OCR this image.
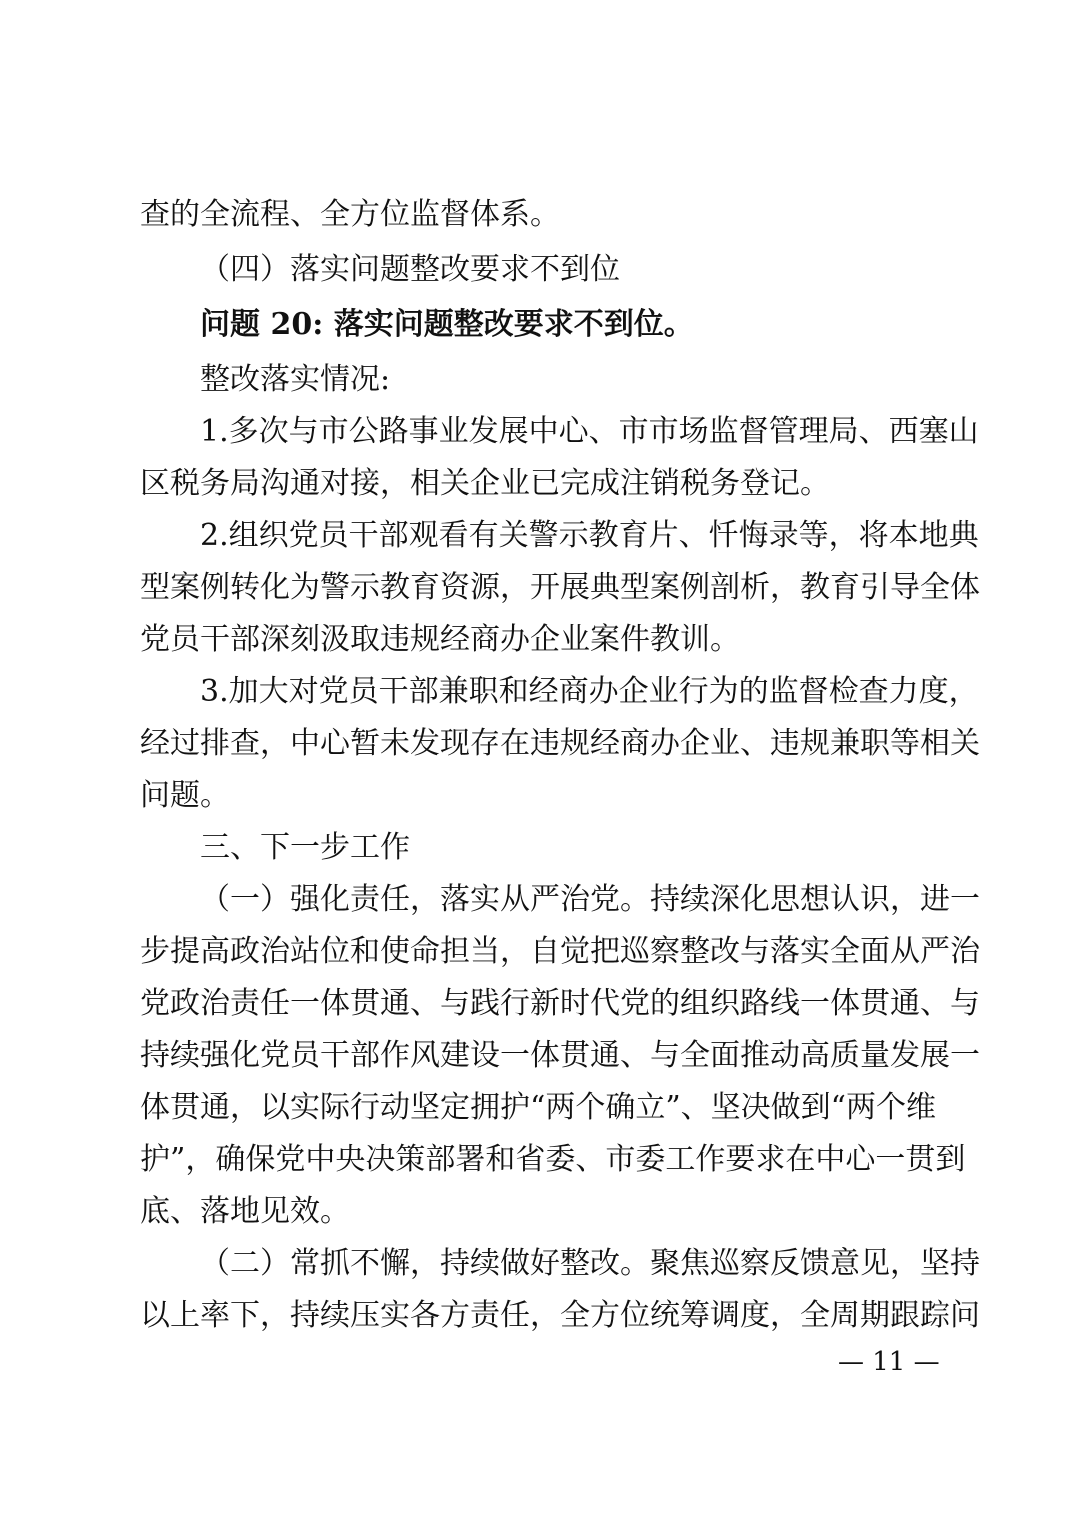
查的全流程、全方位监督体系。
（四）落实问题整改要求不到位
问题 20: 落实问题整改要求不到位。
整改落实情况:
1.多次与市公路事业发展中心、市市场监督管理局、西塞山
区税务局沟通对接，相关企业已完成注销税务登记。
2.组织党员干部观看有关警示教育片、忏悔录等，将本地典
型案例转化为警示教育资源，开展典型案例剖析，教育引导全体
党员干部深刻汲取违规经商办企业案件教训。
3.加大对党员干部兼职和经商办企业行为的监督检查力度，
经过排查，中心暂未发现存在违规经商办企业、违规兼职等相关
问题。
三、下一步工作
（一）强化责任，落实从严治党。持续深化思想认识，进一
步提高政治站位和使命担当，自觉把巡察整改与落实全面从严治
党政治责任一体贯通、与践行新时代党的组织路线一体贯通、与
持续强化党员干部作风建设一体贯通、与全面推动高质量发展一
体贯通，以实际行动坚定拥护“两个确立”、坚决做到“两个维
护”，确保党中央决策部署和省委、市委工作要求在中心一贯到
底、落地见效。
（二）常抓不懈，持续做好整改。聚焦巡察反馈意见，坚持
以上率下，持续压实各方责任，全方位统筹调度，全周期跟踪问
— 11 —
